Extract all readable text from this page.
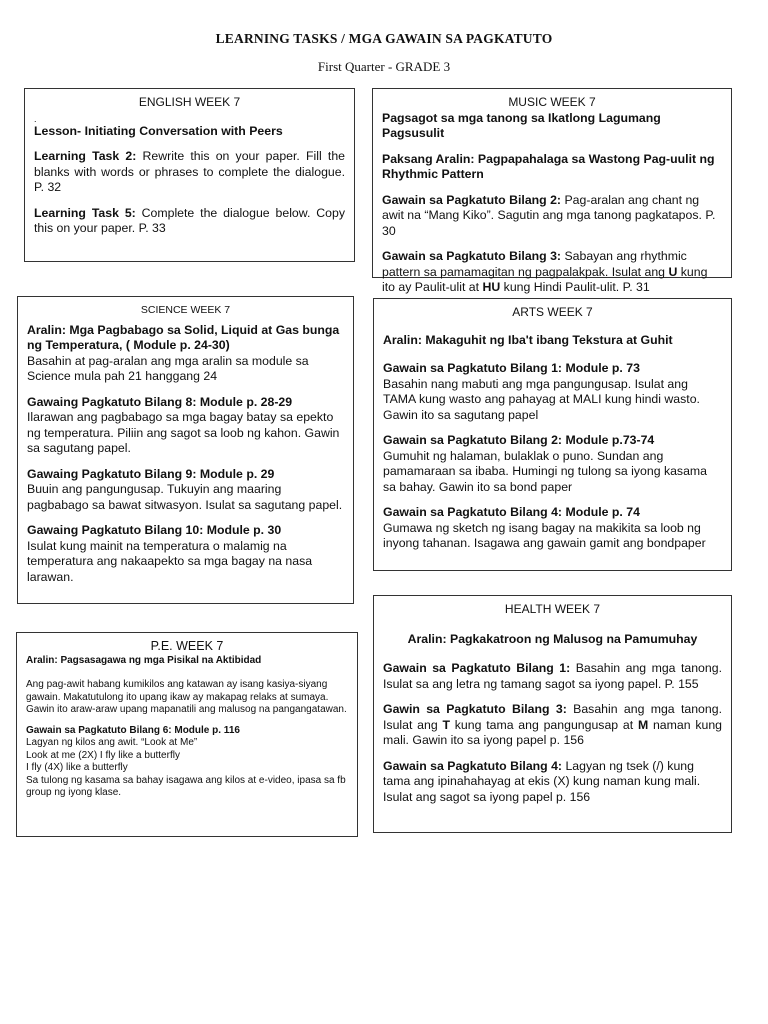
LEARNING TASKS / MGA GAWAIN SA PAGKATUTO
First Quarter - GRADE 3
ENGLISH WEEK 7
.

Lesson- Initiating Conversation with Peers

Learning Task 2: Rewrite this on your paper. Fill the blanks with words or phrases to complete the dialogue. P. 32

Learning Task 5: Complete the dialogue below. Copy this on your paper. P. 33

MUSIC WEEK 7

Pagsagot sa mga tanong sa Ikatlong Lagumang Pagsusulit

Paksang Aralin: Pagpapahalaga sa Wastong Pag-uulit ng Rhythmic Pattern

Gawain sa Pagkatuto Bilang 2: Pag-aralan ang chant ng awit na “Mang Kiko”. Sagutin ang mga tanong pagkatapos. P. 30

Gawain sa Pagkatuto Bilang 3: Sabayan ang rhythmic pattern sa pamamagitan ng pagpalakpak. Isulat ang U kung ito ay Paulit-ulit at HU kung Hindi Paulit-ulit. P. 31

SCIENCE WEEK 7

Aralin: Mga Pagbabago sa Solid, Liquid at Gas bunga ng Temperatura, ( Module p. 24-30)
Basahin at pag-aralan ang mga aralin sa module sa Science mula pah 21 hanggang 24

Gawaing Pagkatuto Bilang 8: Module p. 28-29
Ilarawan ang pagbabago sa mga bagay batay sa epekto ng temperatura. Piliin ang sagot sa loob ng kahon. Gawin sa sagutang papel.

Gawaing Pagkatuto Bilang 9: Module p. 29
Buuin ang pangungusap. Tukuyin ang maaring pagbabago sa bawat sitwasyon. Isulat sa sagutang papel.

Gawaing Pagkatuto Bilang 10: Module p. 30
Isulat kung mainit na temperatura o malamig na temperatura ang nakaapekto sa mga bagay na nasa larawan.

ARTS WEEK 7

Aralin: Makaguhit ng Iba't ibang Tekstura at Guhit

Gawain sa Pagkatuto Bilang 1: Module p. 73
Basahin nang mabuti ang mga pangungusap. Isulat ang TAMA kung wasto ang pahayag at MALI kung hindi wasto. Gawin ito sa sagutang papel

Gawain sa Pagkatuto Bilang 2: Module p.73-74
Gumuhit ng halaman, bulaklak o puno. Sundan ang pamamaraan sa ibaba. Humingi ng tulong sa iyong kasama sa bahay. Gawin ito sa bond paper

Gawain sa Pagkatuto Bilang 4: Module p. 74
Gumawa ng sketch ng isang bagay na makikita sa loob ng inyong tahanan. Isagawa ang gawain gamit ang bondpaper

P.E. WEEK 7

Aralin: Pagsasagawa ng mga Pisikal na Aktibidad

Ang pag-awit habang kumikilos ang katawan ay isang kasiya-siyang gawain. Makatutulong ito upang ikaw ay makapag relaks at sumaya. Gawin ito araw-araw upang mapanatili ang malusog na pangangatawan.

Gawain sa Pagkatuto Bilang 6: Module p. 116
Lagyan ng kilos ang awit. “Look at Me”
Look at me (2X) I fly like a butterfly
I fly (4X) like a butterfly
Sa tulong ng kasama sa bahay isagawa ang kilos at e-video, ipasa sa fb group ng iyong klase.
HEALTH WEEK 7

Aralin: Pagkakatroon ng Malusog na Pamumuhay

Gawain sa Pagkatuto Bilang 1: Basahin ang mga tanong. Isulat sa ang letra ng tamang sagot sa iyong papel. P. 155

Gawin sa Pagkatuto Bilang 3: Basahin ang mga tanong. Isulat ang T kung tama ang pangungusap at M naman kung mali. Gawin ito sa iyong papel p. 156

Gawain sa Pagkatuto Bilang 4: Lagyan ng tsek (/) kung tama ang ipinahahayag at ekis (X) kung naman kung mali. Isulat ang sagot sa iyong papel p. 156
